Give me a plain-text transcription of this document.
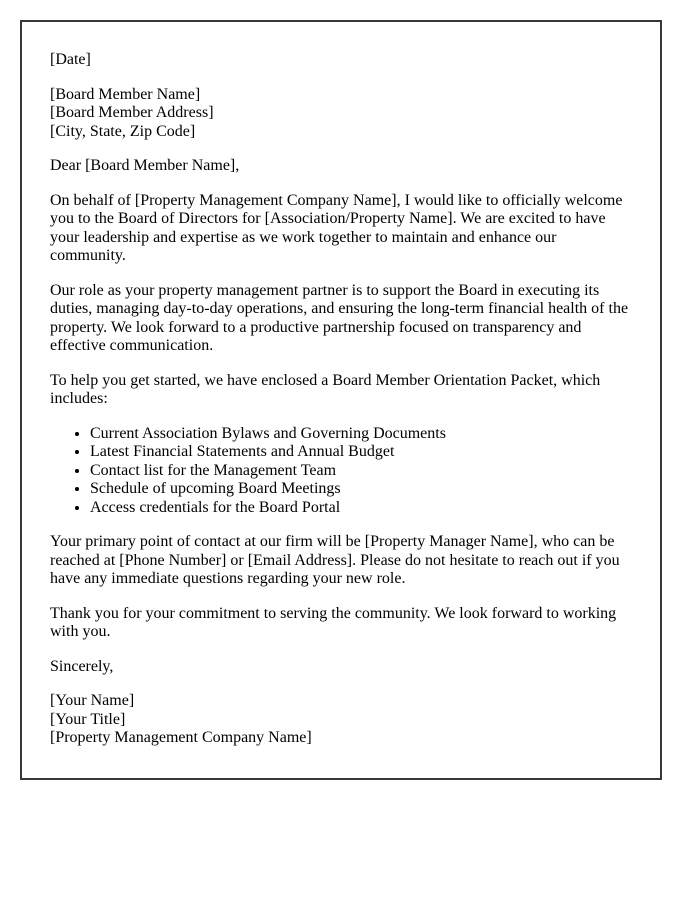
[Date]

[Board Member Name]

[Board Member Address]

[City, State, Zip Code]

Dear [Board Member Name],

On behalf of [Property Management Company Name], I would like to officially welcome you to the Board of Directors for [Association/Property Name]. We are excited to have your leadership and expertise as we work together to maintain and enhance our community.

Our role as your property management partner is to support the Board in executing its duties, managing day-to-day operations, and ensuring the long-term financial health of the property. We look forward to a productive partnership focused on transparency and effective communication.

To help you get started, we have enclosed a Board Member Orientation Packet, which includes:

• Current Association Bylaws and Governing Documents
• Latest Financial Statements and Annual Budget
• Contact list for the Management Team
• Schedule of upcoming Board Meetings
• Access credentials for the Board Portal

Your primary point of contact at our firm will be [Property Manager Name], who can be reached at [Phone Number] or [Email Address]. Please do not hesitate to reach out if you have any immediate questions regarding your new role.

Thank you for your commitment to serving the community. We look forward to working with you.

Sincerely,

[Your Name]

[Your Title]

[Property Management Company Name]
